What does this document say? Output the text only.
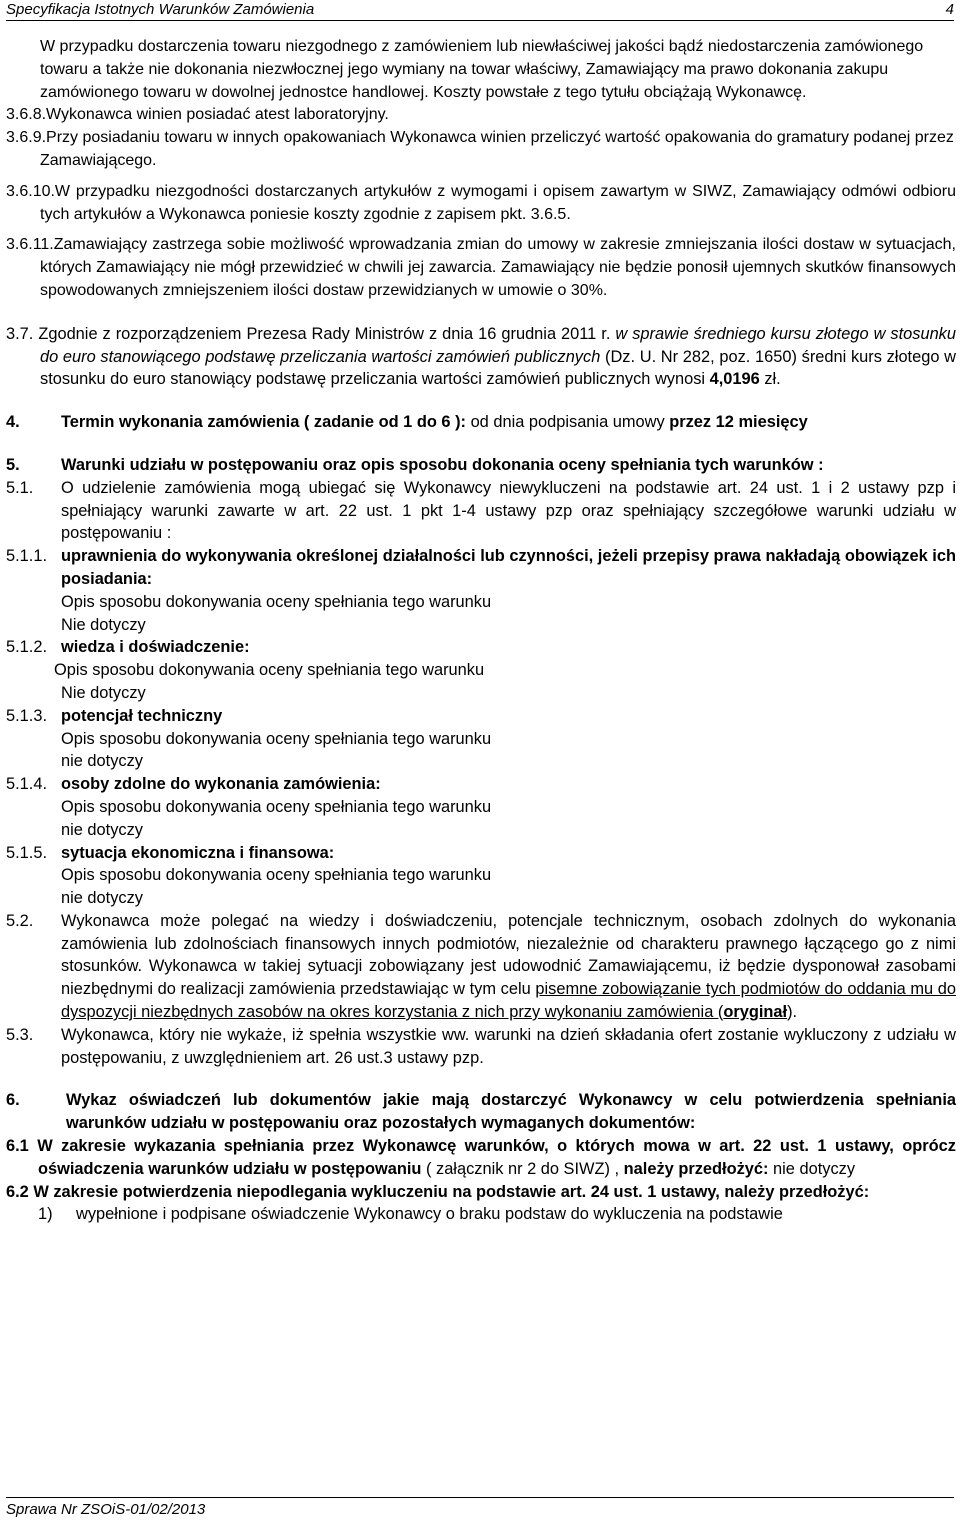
Specyfikacja Istotnych Warunków Zamówienia	4

W przypadku dostarczenia towaru niezgodnego z zamówieniem lub niewłaściwej jakości bądź niedostarczenia zamówionego towaru a także nie dokonania niezwłocznej jego wymiany na towar właściwy, Zamawiający ma prawo dokonania zakupu zamówionego towaru w dowolnej jednostce handlowej. Koszty powstałe z tego tytułu obciążają Wykonawcę.

3.6.8.Wykonawca winien posiadać atest laboratoryjny.

3.6.9.Przy posiadaniu towaru w innych opakowaniach Wykonawca winien przeliczyć wartość opakowania do gramatury podanej przez Zamawiającego.

3.6.10.W przypadku niezgodności dostarczanych artykułów z wymogami i opisem zawartym w SIWZ, Zamawiający odmówi odbioru tych artykułów a Wykonawca poniesie koszty zgodnie z zapisem pkt. 3.6.5.

3.6.11.Zamawiający zastrzega sobie możliwość wprowadzania zmian do umowy w zakresie zmniejszania ilości dostaw w sytuacjach, których Zamawiający nie mógł przewidzieć w chwili jej zawarcia. Zamawiający nie będzie ponosił ujemnych skutków finansowych spowodowanych zmniejszeniem ilości dostaw przewidzianych w umowie o 30%.

3.7. Zgodnie z rozporządzeniem Prezesa Rady Ministrów z dnia 16 grudnia 2011 r. w sprawie średniego kursu złotego w stosunku do euro stanowiącego podstawę przeliczania wartości zamówień publicznych (Dz. U. Nr 282, poz. 1650) średni kurs złotego w stosunku do euro stanowiący podstawę przeliczania wartości zamówień publicznych wynosi 4,0196 zł.

4.	Termin wykonania zamówienia ( zadanie od 1 do 6 ): od dnia podpisania umowy przez 12 miesięcy

5.	Warunki udziału w postępowaniu oraz opis sposobu dokonania oceny spełniania tych warunków :

5.1. O udzielenie zamówienia mogą ubiegać się Wykonawcy niewykluczeni na podstawie art. 24 ust. 1 i 2 ustawy pzp i spełniający warunki zawarte w art. 22 ust. 1 pkt 1-4 ustawy pzp oraz spełniający szczegółowe warunki udziału w postępowaniu :

5.1.1. uprawnienia do wykonywania określonej działalności lub czynności, jeżeli przepisy prawa nakładają obowiązek ich posiadania:

Opis sposobu dokonywania oceny spełniania tego warunku

Nie dotyczy

5.1.2. wiedza i doświadczenie:

Opis sposobu dokonywania oceny spełniania tego warunku

Nie dotyczy

5.1.3. potencjał techniczny

Opis sposobu dokonywania oceny spełniania tego warunku

nie dotyczy

5.1.4. osoby zdolne do wykonania zamówienia:

Opis sposobu dokonywania oceny spełniania tego warunku

nie dotyczy

5.1.5. sytuacja ekonomiczna i finansowa:

Opis sposobu dokonywania oceny spełniania tego warunku

nie dotyczy

5.2. Wykonawca może polegać na wiedzy i doświadczeniu, potencjale technicznym, osobach zdolnych do wykonania zamówienia lub zdolnościach finansowych innych podmiotów, niezależnie od charakteru prawnego łączącego go z nimi stosunków. Wykonawca w takiej sytuacji zobowiązany jest udowodnić Zamawiającemu, iż będzie dysponował zasobami niezbędnymi do realizacji zamówienia przedstawiając w tym celu pisemne zobowiązanie tych podmiotów do oddania mu do dyspozycji niezbędnych zasobów na okres korzystania z nich przy wykonaniu zamówienia (oryginał).

5.3. Wykonawca, który nie wykaże, iż spełnia wszystkie ww. warunki na dzień składania ofert zostanie wykluczony z udziału w postępowaniu, z uwzględnieniem art. 26 ust.3 ustawy pzp.

6.	Wykaz oświadczeń lub dokumentów jakie mają dostarczyć Wykonawcy w celu potwierdzenia spełniania warunków udziału w postępowaniu oraz pozostałych wymaganych dokumentów:

6.1 W zakresie wykazania spełniania przez Wykonawcę warunków, o których mowa w art. 22 ust. 1 ustawy, oprócz oświadczenia warunków udziału w postępowaniu ( załącznik nr 2 do SIWZ) , należy przedłożyć: nie dotyczy

6.2 W zakresie potwierdzenia niepodlegania wykluczeniu na podstawie art. 24 ust. 1 ustawy, należy przedłożyć:

1) wypełnione i podpisane oświadczenie Wykonawcy o braku podstaw do wykluczenia na podstawie

Sprawa Nr ZSOiS-01/02/2013
